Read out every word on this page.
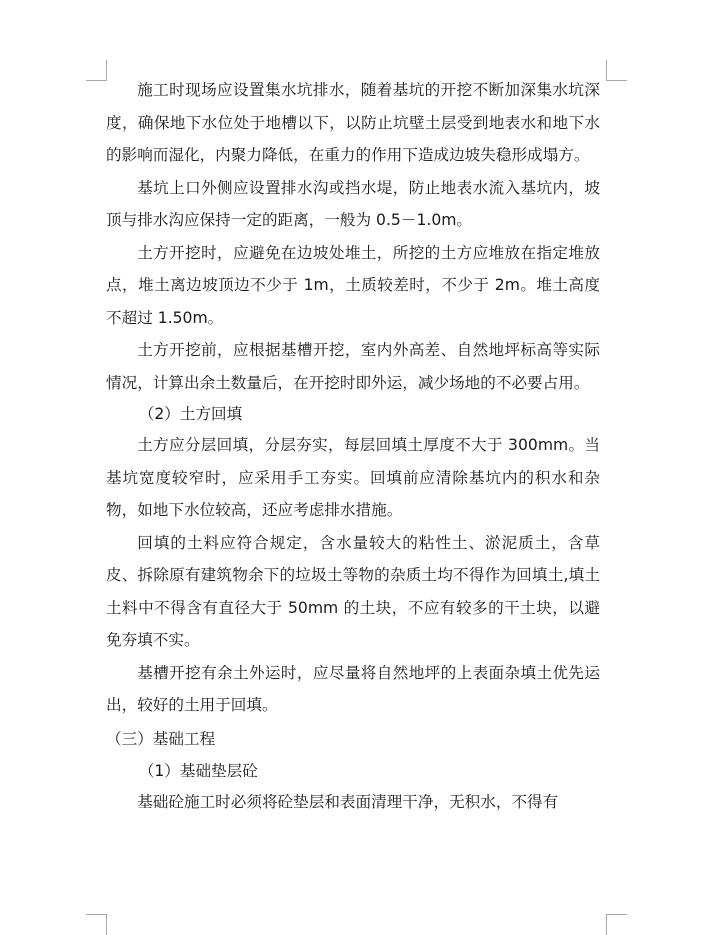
施工时现场应设置集水坑排水，随着基坑的开挖不断加深集水坑深度，确保地下水位处于地槽以下，以防止坑壁土层受到地表水和地下水的影响而湿化，内聚力降低，在重力的作用下造成边坡失稳形成塌方。

基坑上口外侧应设置排水沟或挡水堤，防止地表水流入基坑内，坡顶与排水沟应保持一定的距离，一般为 0.5－1.0m。

土方开挖时，应避免在边坡处堆土，所挖的土方应堆放在指定堆放点，堆土离边坡顶边不少于 1m，土质较差时，不少于 2m。堆土高度不超过 1.50m。

土方开挖前，应根据基槽开挖，室内外高差、自然地坪标高等实际情况，计算出余土数量后，在开挖时即外运，减少场地的不必要占用。

（2）土方回填

土方应分层回填，分层夯实，每层回填土厚度不大于 300mm。当基坑宽度较窄时，应采用手工夯实。回填前应清除基坑内的积水和杂物，如地下水位较高，还应考虑排水措施。

回填的土料应符合规定，含水量较大的粘性土、淤泥质土，含草皮、拆除原有建筑物余下的垃圾土等物的杂质土均不得作为回填土,填土土料中不得含有直径大于 50mm 的土块，不应有较多的干土块，以避免夯填不实。

基槽开挖有余土外运时，应尽量将自然地坪的上表面杂填土优先运  出，较好的土用于回填。

（三）基础工程

（1）基础垫层砼

基础砼施工时必须将砼垫层和表面清理干净，无积水，不得有
